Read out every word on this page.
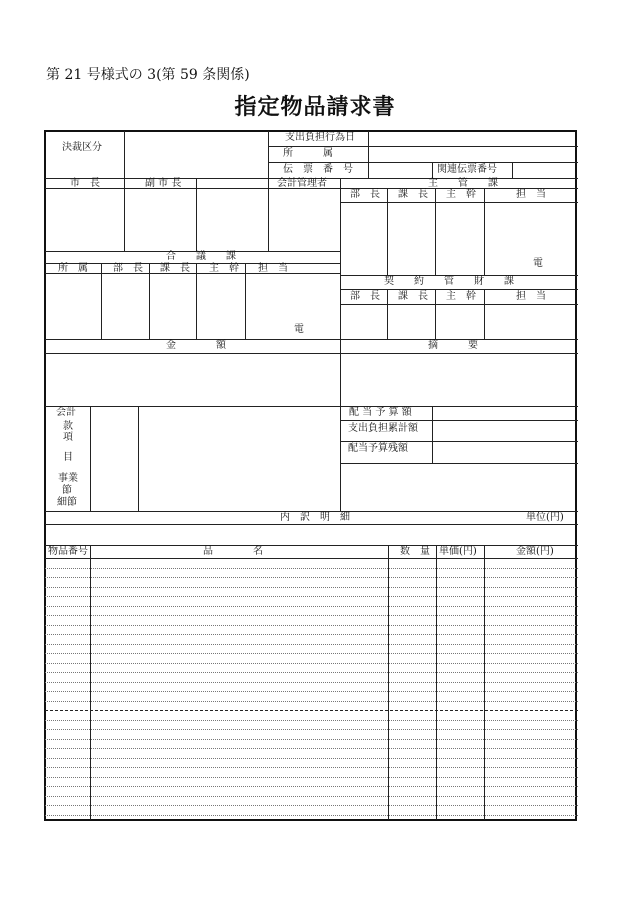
第 21 号様式の 3(第 59 条関係)
指定物品請求書
決裁区分
支出負担行為日
所　　　属
伝　票　番　号	関連伝票番号
市　長	副 市 長	会計管理者	主　　管　　課
部　長 課　長 主　幹	担　当
電
合　　議　　課
所　属	部　長 課　長 主　幹 担　当
電
契　　約　　管　　財　　課
部　長 課　長 主　幹	担　当
金　　　　額	摘　　　要
会計
款
項
目
事業
節
細節
配 当 予 算 額
支出負担累計額
配当予算残額
内　訳　明　細	単位(円)
物品番号	品　　　　名	数　量 単価(円)	金額(円)
